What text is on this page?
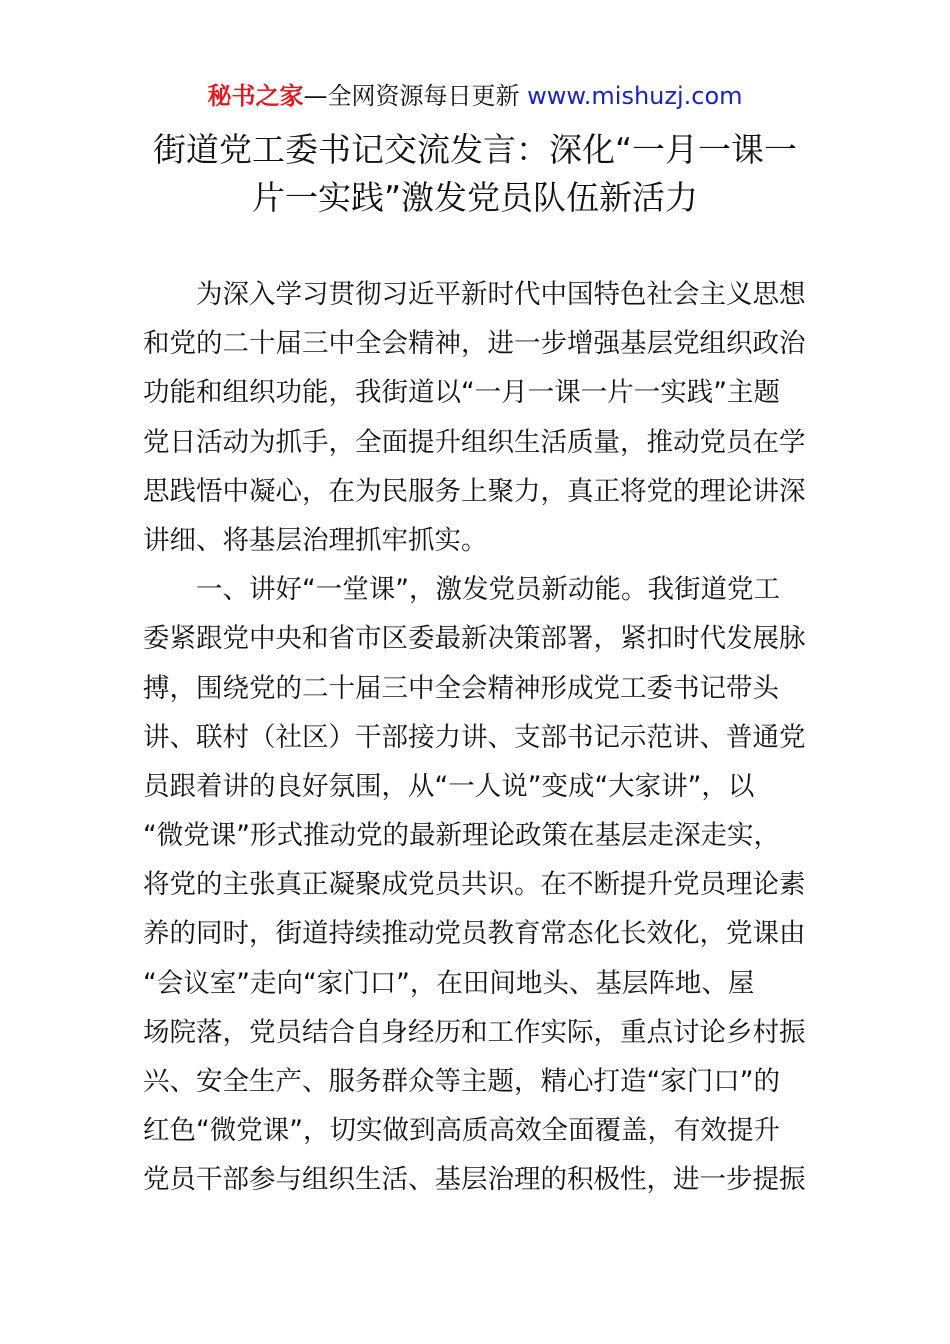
秘书之家—全网资源每日更新 www.mishuzj.com
街道党工委书记交流发言：深化“一月一课一
片一实践”激发党员队伍新活力
　　为深入学习贯彻习近平新时代中国特色社会主义思想
和党的二十届三中全会精神，进一步增强基层党组织政治
功能和组织功能，我街道以“一月一课一片一实践”主题
党日活动为抓手，全面提升组织生活质量，推动党员在学
思践悟中凝心，在为民服务上聚力，真正将党的理论讲深
讲细、将基层治理抓牢抓实。
　　一、讲好“一堂课”，激发党员新动能。我街道党工
委紧跟党中央和省市区委最新决策部署，紧扣时代发展脉
搏，围绕党的二十届三中全会精神形成党工委书记带头
讲、联村（社区）干部接力讲、支部书记示范讲、普通党
员跟着讲的良好氛围，从“一人说”变成“大家讲”，以
“微党课”形式推动党的最新理论政策在基层走深走实，
将党的主张真正凝聚成党员共识。在不断提升党员理论素
养的同时，街道持续推动党员教育常态化长效化，党课由
“会议室”走向“家门口”，在田间地头、基层阵地、屋
场院落，党员结合自身经历和工作实际，重点讨论乡村振
兴、安全生产、服务群众等主题，精心打造“家门口”的
红色“微党课”，切实做到高质高效全面覆盖，有效提升
党员干部参与组织生活、基层治理的积极性，进一步提振
